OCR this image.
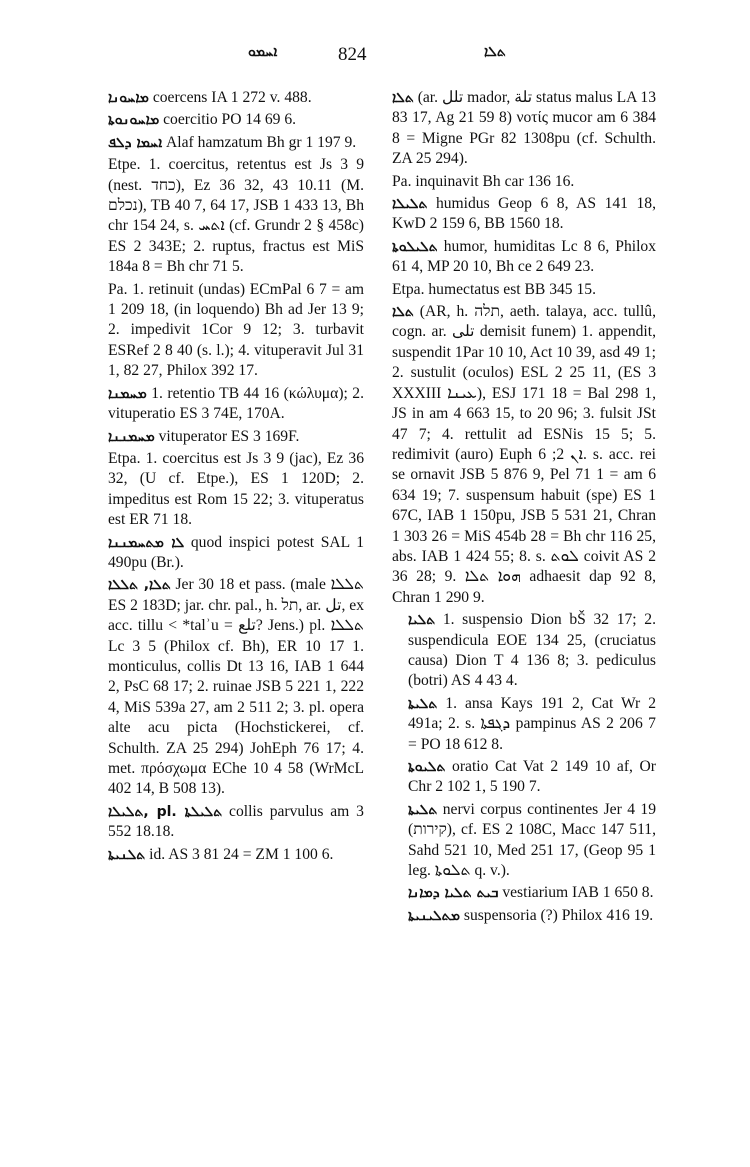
ܐܚܡܘ	824	ܬܠܐ
ܡܐܚܘܢܐ coercens IA 1 272 v. 488.
ܡܐܚܘܢܘܬܐ coercitio PO 14 69 6.
ܐܚܡܐ ܕܠܦ Alaf hamzatum Bh gr 1 197 9.
Etpe. 1. coercitus, retentus est Js 3 9 (nest. כחד), Ez 36 32, 43 10.11 (M. נכלם), TB 40 7, 64 17, JSB 1 433 13, Bh chr 154 24, s. ܐܬܚ (cf. Grundr 2 § 458c) ES 2 343E; 2. ruptus, fractus est MiS 184a 8 = Bh chr 71 5.
Pa. 1. retinuit (undas) ECmPal 6 7 = am 1 209 18, (in loquendo) Bh ad Jer 13 9; 2. impedivit 1Cor 9 12; 3. turbavit ESRef 2 8 40 (s. l.); 4. vituperavit Jul 31 1, 82 27, Philox 392 17.
ܡܚܡܢܐ 1. retentio TB 44 16 (κώλυμα); 2. vituperatio ES 3 74E, 170A.
ܡܚܡܢܢܐ vituperator ES 3 169F.
Etpa. 1. coercitus est Js 3 9 (jac), Ez 36 32, (U cf. Etpe.), ES 1 120D; 2. impeditus est Rom 15 22; 3. vituperatus est ER 71 18.
ܠܐ ܡܬܚܡܢܢܐ quod inspici potest SAL 1 490pu (Br.).
ܬܠܐ, ܬܠܠܐ Jer 30 18 et pass. (male ܬܠܠܐ ES 2 183D; jar. chr. pal., h. תל, ar. تل, ex acc. tillu < *talʾu = تلع? Jens.) pl. ܬܠܠܐ Lc 3 5 (Philox cf. Bh), ER 10 17 1. monticulus, collis Dt 13 16, IAB 1 644 2, PsC 68 17; 2. ruinae JSB 5 221 1, 222 4, MiS 539a 27, am 2 511 2; 3. pl. opera alte acu picta (Hochstickerei, cf. Schulth. ZA 25 294) JohEph 76 17; 4. met. πρόσχωμα EChe 10 4 58 (WrMcL 402 14, B 508 13).
ܬܠܝܠܐ, pl. ܬܠܝܠܬܐ collis parvulus am 3 552 18.18.
ܬܠܢܝܬܐ id. AS 3 81 24 = ZM 1 100 6.
ܬܠܐ (ar. تلل mador, تلة status malus LA 13 83 17, Ag 21 59 8) νοτίς mucor am 6 384 8 = Migne PGr 82 1308pu (cf. Schulth. ZA 25 294).
Pa. inquinavit Bh car 136 16.
ܬܠܝܠܐ humidus Geop 6 8, AS 141 18, KwD 2 159 6, BB 1560 18.
ܬܠܝܠܘܬܐ humor, humiditas Lc 8 6, Philox 61 4, MP 20 10, Bh ce 2 649 23.
Etpa. humectatus est BB 345 15.
ܬܠܐ (AR, h. תלה, aeth. talaya, acc. tullû, cogn. ar. تلى demisit funem) 1. appendit, suspendit 1Par 10 10, Act 10 39, asd 49 1; 2. sustulit (oculos) ESL 2 25 11, (ES 3 XXXIII ܥܝܢܐ), ESJ 171 18 = Bal 298 1, JS in am 4 663 15, to 20 96; 3. fulsit JSt 47 7; 4. rettulit ad ESNis 15 5; 5. redimivit (auro) Euph ܐܢ 2; 6. s. acc. rei se ornavit JSB 5 876 9, Pel 71 1 = am 6 634 19; 7. suspensum habuit (spe) ES 1 67C, IAB 1 150pu, JSB 5 531 21, Chran 1 303 26 = MiS 454b 28 = Bh chr 116 25, abs. IAB 1 424 55; 8. s. ܠܘܬ coivit AS 2 36 28; 9. ܗܘܐ ܬܠܐ adhaesit dap 92 8, Chran 1 290 9.
ܬܠܝܐ 1. suspensio Dion bŠ 32 17; 2. suspendicula EOE 134 25, (cruciatus causa) Dion T 4 136 8; 3. pediculus (botri) AS 4 43 4.
ܬܠܝܬܐ 1. ansa Kays 191 2, Cat Wr 2 491a; 2. s. ܕܓܦܬܐ pampinus AS 2 206 7 = PO 18 612 8.
ܬܠܝܘܬܐ oratio Cat Vat 2 149 10 af, Or Chr 2 102 1, 5 190 7.
ܬܠܝܬܐ nervi corpus continentes Jer 4 19 (קירות), cf. ES 2 108C, Macc 147 511, Sahd 521 10, Med 251 17, (Geop 95 1 leg. ܬܠܘܬܐ q. v.).
ܒܝܬ ܬܠܝܐ ܕܡܐܢܐ vestiarium IAB 1 650 8.
ܡܬܠܝܢܝܬܐ suspensoria (?) Philox 416 19.
